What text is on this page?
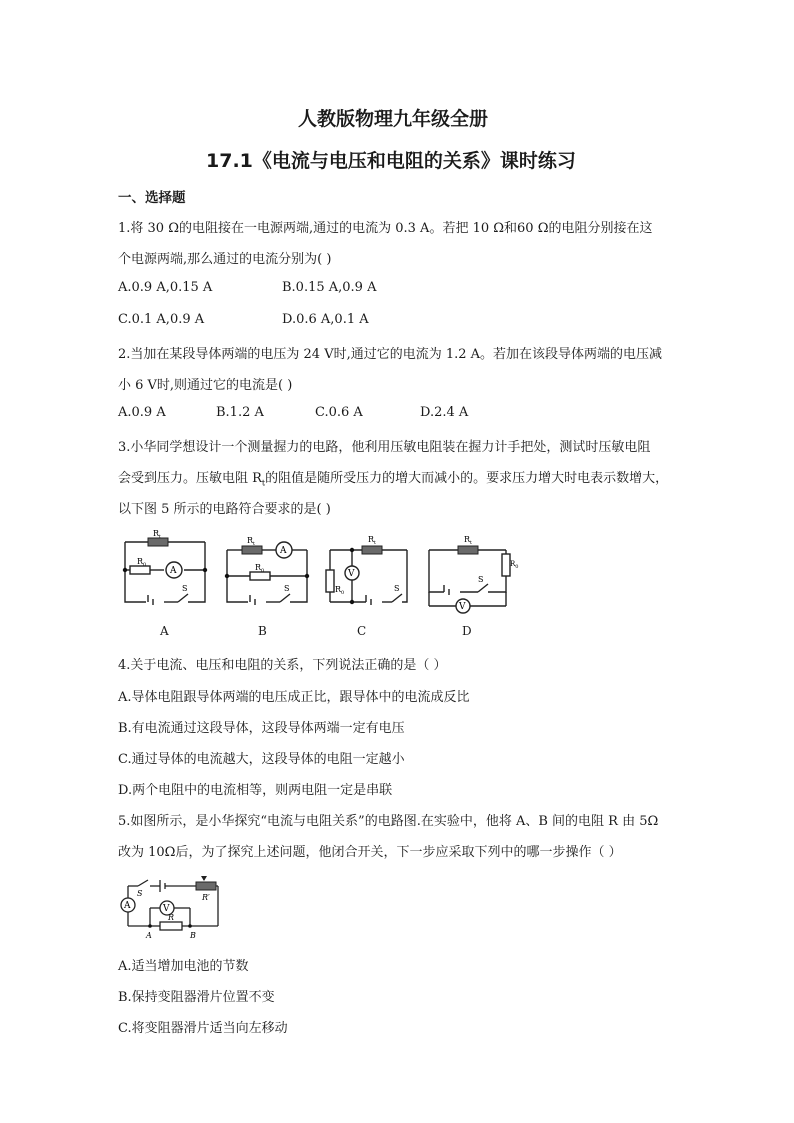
人教版物理九年级全册
17.1《电流与电压和电阻的关系》课时练习
一、选择题
1.将 30 Ω的电阻接在一电源两端,通过的电流为 0.3 A。若把 10 Ω和60 Ω的电阻分别接在这
个电源两端,那么通过的电流分别为( )
A.0.9 A,0.15 A	B.0.15 A,0.9 A
C.0.1 A,0.9 A	D.0.6 A,0.1 A
2.当加在某段导体两端的电压为 24 V时,通过它的电流为 1.2 A。若加在该段导体两端的电压减
小 6 V时,则通过它的电流是( )
A.0.9 A	B.1.2 A	C.0.6 A	D.2.4 A
3.小华同学想设计一个测量握力的电路，他利用压敏电阻装在握力计手把处，测试时压敏电阻
会受到压力。压敏电阻 $R_t$的阻值是随所受压力的增大而减小的。要求压力增大时电表示数增大，
以下图 5 所示的电路符合要求的是( )
$R_t$
$R_0$
A
S
A
$R_t$
$R_0$
A
S
B
$R_t$
$R_0$
V
S
C
$R_t$
$R_0$
V
S
D
4.关于电流、电压和电阻的关系，下列说法正确的是（ ）
A.导体电阻跟导体两端的电压成正比，跟导体中的电流成反比
B.有电流通过这段导体，这段导体两端一定有电压
C.通过导体的电流越大，这段导体的电阻一定越小
D.两个电阻中的电流相等，则两电阻一定是串联
5.如图所示，是小华探究“电流与电阻关系”的电路图.在实验中，他将 A、B 间的电阻 R 由 5Ω
改为 10Ω后，为了探究上述问题，他闭合开关，下一步应采取下列中的哪一步操作（ ）
S	R′
A	V
R
A	B
A.适当增加电池的节数
B.保持变阻器滑片位置不变
C.将变阻器滑片适当向左移动
